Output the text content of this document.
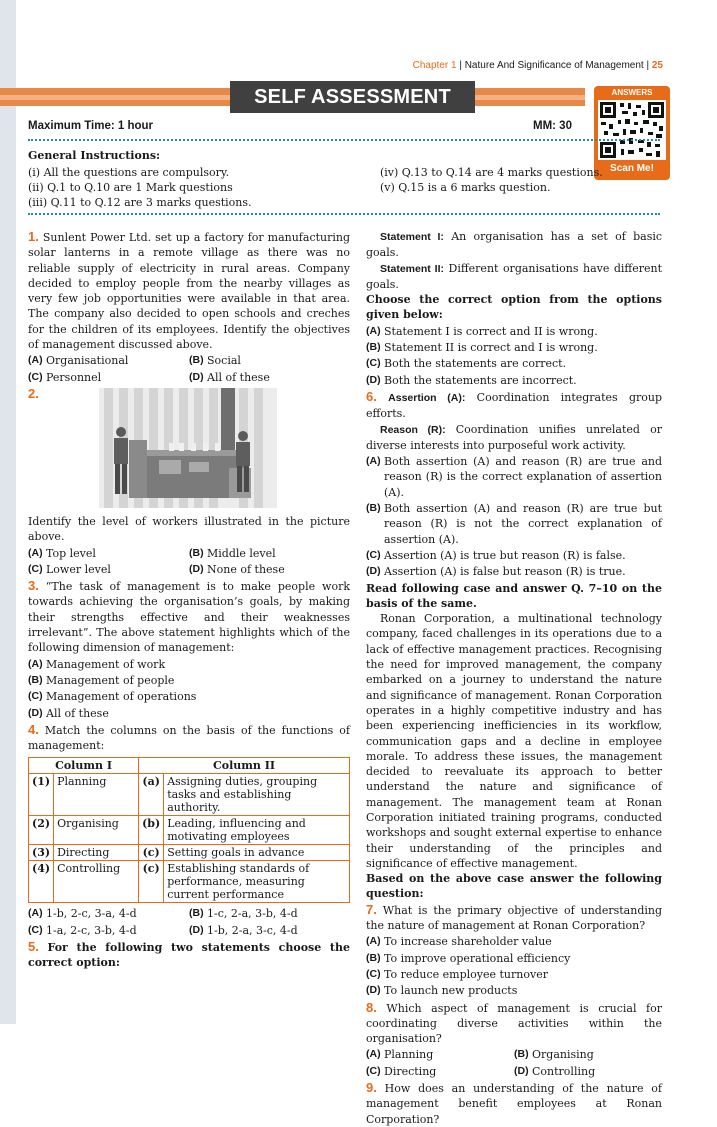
Chapter 1 | Nature And Significance of Management | 25
SELF ASSESSMENT PAPER 1
ANSWERS
Scan Me!
Maximum Time: 1 hour	MM: 30
General Instructions:
(i) All the questions are compulsory.
(ii) Q.1 to Q.10 are 1 Mark questions
(iii) Q.11 to Q.12 are 3 marks questions.
(iv) Q.13 to Q.14 are 4 marks questions.
(v) Q.15 is a 6 marks question.

1. Sunlent Power Ltd. set up a factory for manufacturing solar lanterns in a remote village as there was no reliable supply of electricity in rural areas. Company decided to employ people from the nearby villages as very few job opportunities were available in that area. The company also decided to open schools and creches for the children of its employees. Identify the objectives of management discussed above.

(A) Organisational	(B) Social
(C) Personnel	(D) All of these
2.

Identify the level of workers illustrated in the picture above.

(A) Top level	(B) Middle level
(C) Lower level	(D) None of these

3. “The task of management is to make people work towards achieving the organisation’s goals, by making their strengths effective and their weaknesses irrelevant”. The above statement highlights which of the following dimension of management:

(A) Management of work
(B) Management of people
(C) Management of operations
(D) All of these

4. Match the columns on the basis of the functions of management:

Column I		Column II	
(1)	Planning	(a)	Assigning duties, grouping tasks and establishing authority.
(2)	Organising	(b)	Leading, influencing and motivating employees
(3)	Directing	(c)	Setting goals in advance
(4)	Controlling	(c)	Establishing standards of performance, measuring current performance
(A) 1-b, 2-c, 3-a, 4-d	(B) 1-c, 2-a, 3-b, 4-d
(C) 1-a, 2-c, 3-b, 4-d	(D) 1-b, 2-a, 3-c, 4-d

5. For the following two statements choose the correct option:

Statement I: An organisation has a set of basic goals.

Statement II: Different organisations have different goals.

Choose the correct option from the options given below:

(A) Statement I is correct and II is wrong.
(B) Statement II is correct and I is wrong.
(C) Both the statements are correct.
(D) Both the statements are incorrect.

6. Assertion (A): Coordination integrates group efforts.

Reason (R): Coordination unifies unrelated or diverse interests into purposeful work activity.

(A) Both assertion (A) and reason (R) are true and reason (R) is the correct explanation of assertion (A).
(B) Both assertion (A) and reason (R) are true but reason (R) is not the correct explanation of assertion (A).
(C) Assertion (A) is true but reason (R) is false.
(D) Assertion (A) is false but reason (R) is true.

Read following case and answer Q. 7–10 on the basis of the same.

Ronan Corporation, a multinational technology company, faced challenges in its operations due to a lack of effective management practices. Recognising the need for improved management, the company embarked on a journey to understand the nature and significance of management. Ronan Corporation operates in a highly competitive industry and has been experiencing inefficiencies in its workflow, communication gaps and a decline in employee morale. To address these issues, the management decided to reevaluate its approach to better understand the nature and significance of management. The management team at Ronan Corporation initiated training programs, conducted workshops and sought external expertise to enhance their understanding of the principles and significance of effective management.

Based on the above case answer the following question:

7. What is the primary objective of understanding the nature of management at Ronan Corporation?

(A) To increase shareholder value
(B) To improve operational efficiency
(C) To reduce employee turnover
(D) To launch new products

8. Which aspect of management is crucial for coordinating diverse activities within the organisation?

(A) Planning	(B) Organising
(C) Directing	(D) Controlling

9. How does an understanding of the nature of management benefit employees at Ronan Corporation?
